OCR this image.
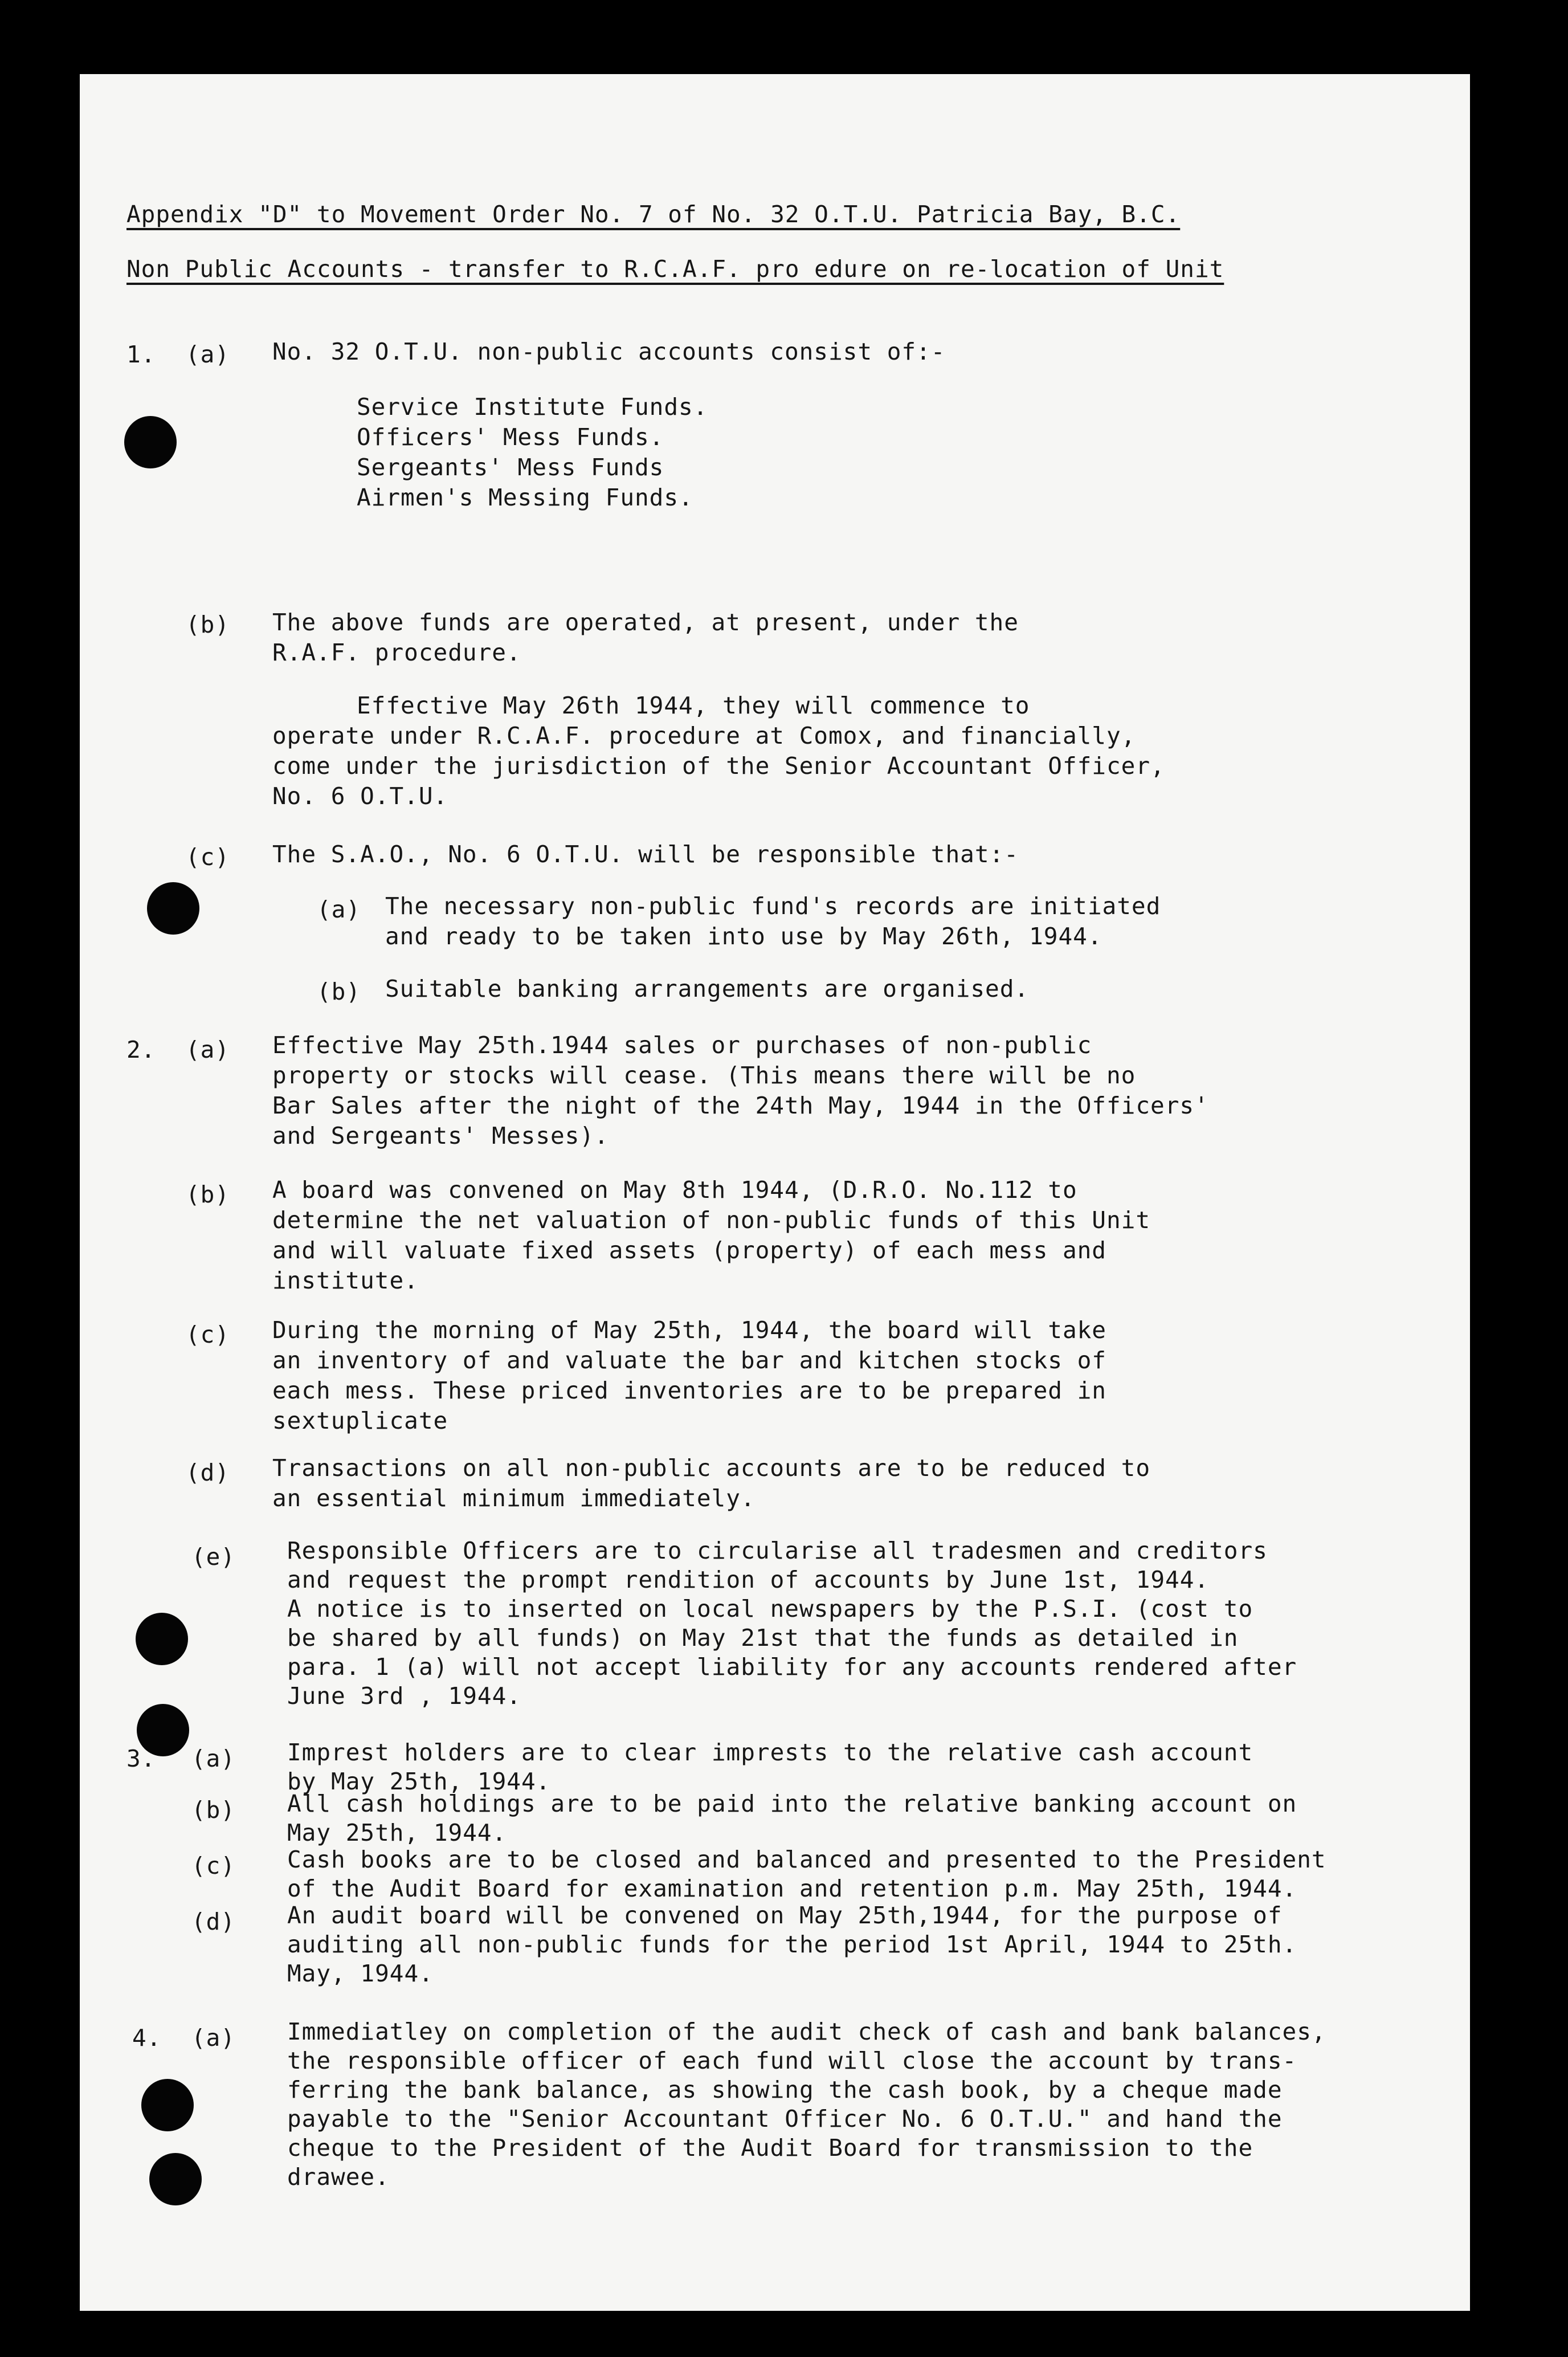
Appendix "D" to Movement Order No. 7 of No. 32 O.T.U. Patricia Bay, B.C.
Non Public Accounts - transfer to R.C.A.F. pro edure on re-location of Unit
1. (a) No. 32 O.T.U. non-public accounts consist of:-
Service Institute Funds.
Officers' Mess Funds.
Sergeants' Mess Funds
Airmen's Messing Funds.
(b) The above funds are operated, at present, under the
R.A.F. procedure.
Effective May 26th 1944, they will commence to
operate under R.C.A.F. procedure at Comox, and financially,
come under the jurisdiction of the Senior Accountant Officer,
No. 6 O.T.U.
(c) The S.A.O., No. 6 O.T.U. will be responsible that:-
(a) The necessary non-public fund's records are initiated
and ready to be taken into use by May 26th, 1944.
(b) Suitable banking arrangements are organised.
2. (a) Effective May 25th.1944 sales or purchases of non-public
property or stocks will cease. (This means there will be no
Bar Sales after the night of the 24th May, 1944 in the Officers'
and Sergeants' Messes).
(b) A board was convened on May 8th 1944, (D.R.O. No.112 to
determine the net valuation of non-public funds of this Unit
and will valuate fixed assets (property) of each mess and
institute.
(c) During the morning of May 25th, 1944, the board will take
an inventory of and valuate the bar and kitchen stocks of
each mess. These priced inventories are to be prepared in
sextuplicate
(d) Transactions on all non-public accounts are to be reduced to
an essential minimum immediately.
(e) Responsible Officers are to circularise all tradesmen and creditors
and request the prompt rendition of accounts by June 1st, 1944.
A notice is to inserted on local newspapers by the P.S.I. (cost to
be shared by all funds) on May 21st that the funds as detailed in
para. 1 (a) will not accept liability for any accounts rendered after
June 3rd , 1944.
3. (a) Imprest holders are to clear imprests to the relative cash account
by May 25th, 1944.
(b) All cash holdings are to be paid into the relative banking account on
May 25th, 1944.
(c) Cash books are to be closed and balanced and presented to the President
of the Audit Board for examination and retention p.m. May 25th, 1944.
(d) An audit board will be convened on May 25th,1944, for the purpose of
auditing all non-public funds for the period 1st April, 1944 to 25th.
May, 1944.
4. (a) Immediatley on completion of the audit check of cash and bank balances,
the responsible officer of each fund will close the account by trans-
ferring the bank balance, as showing the cash book, by a cheque made
payable to the "Senior Accountant Officer No. 6 O.T.U." and hand the
cheque to the President of the Audit Board for transmission to the
drawee.
